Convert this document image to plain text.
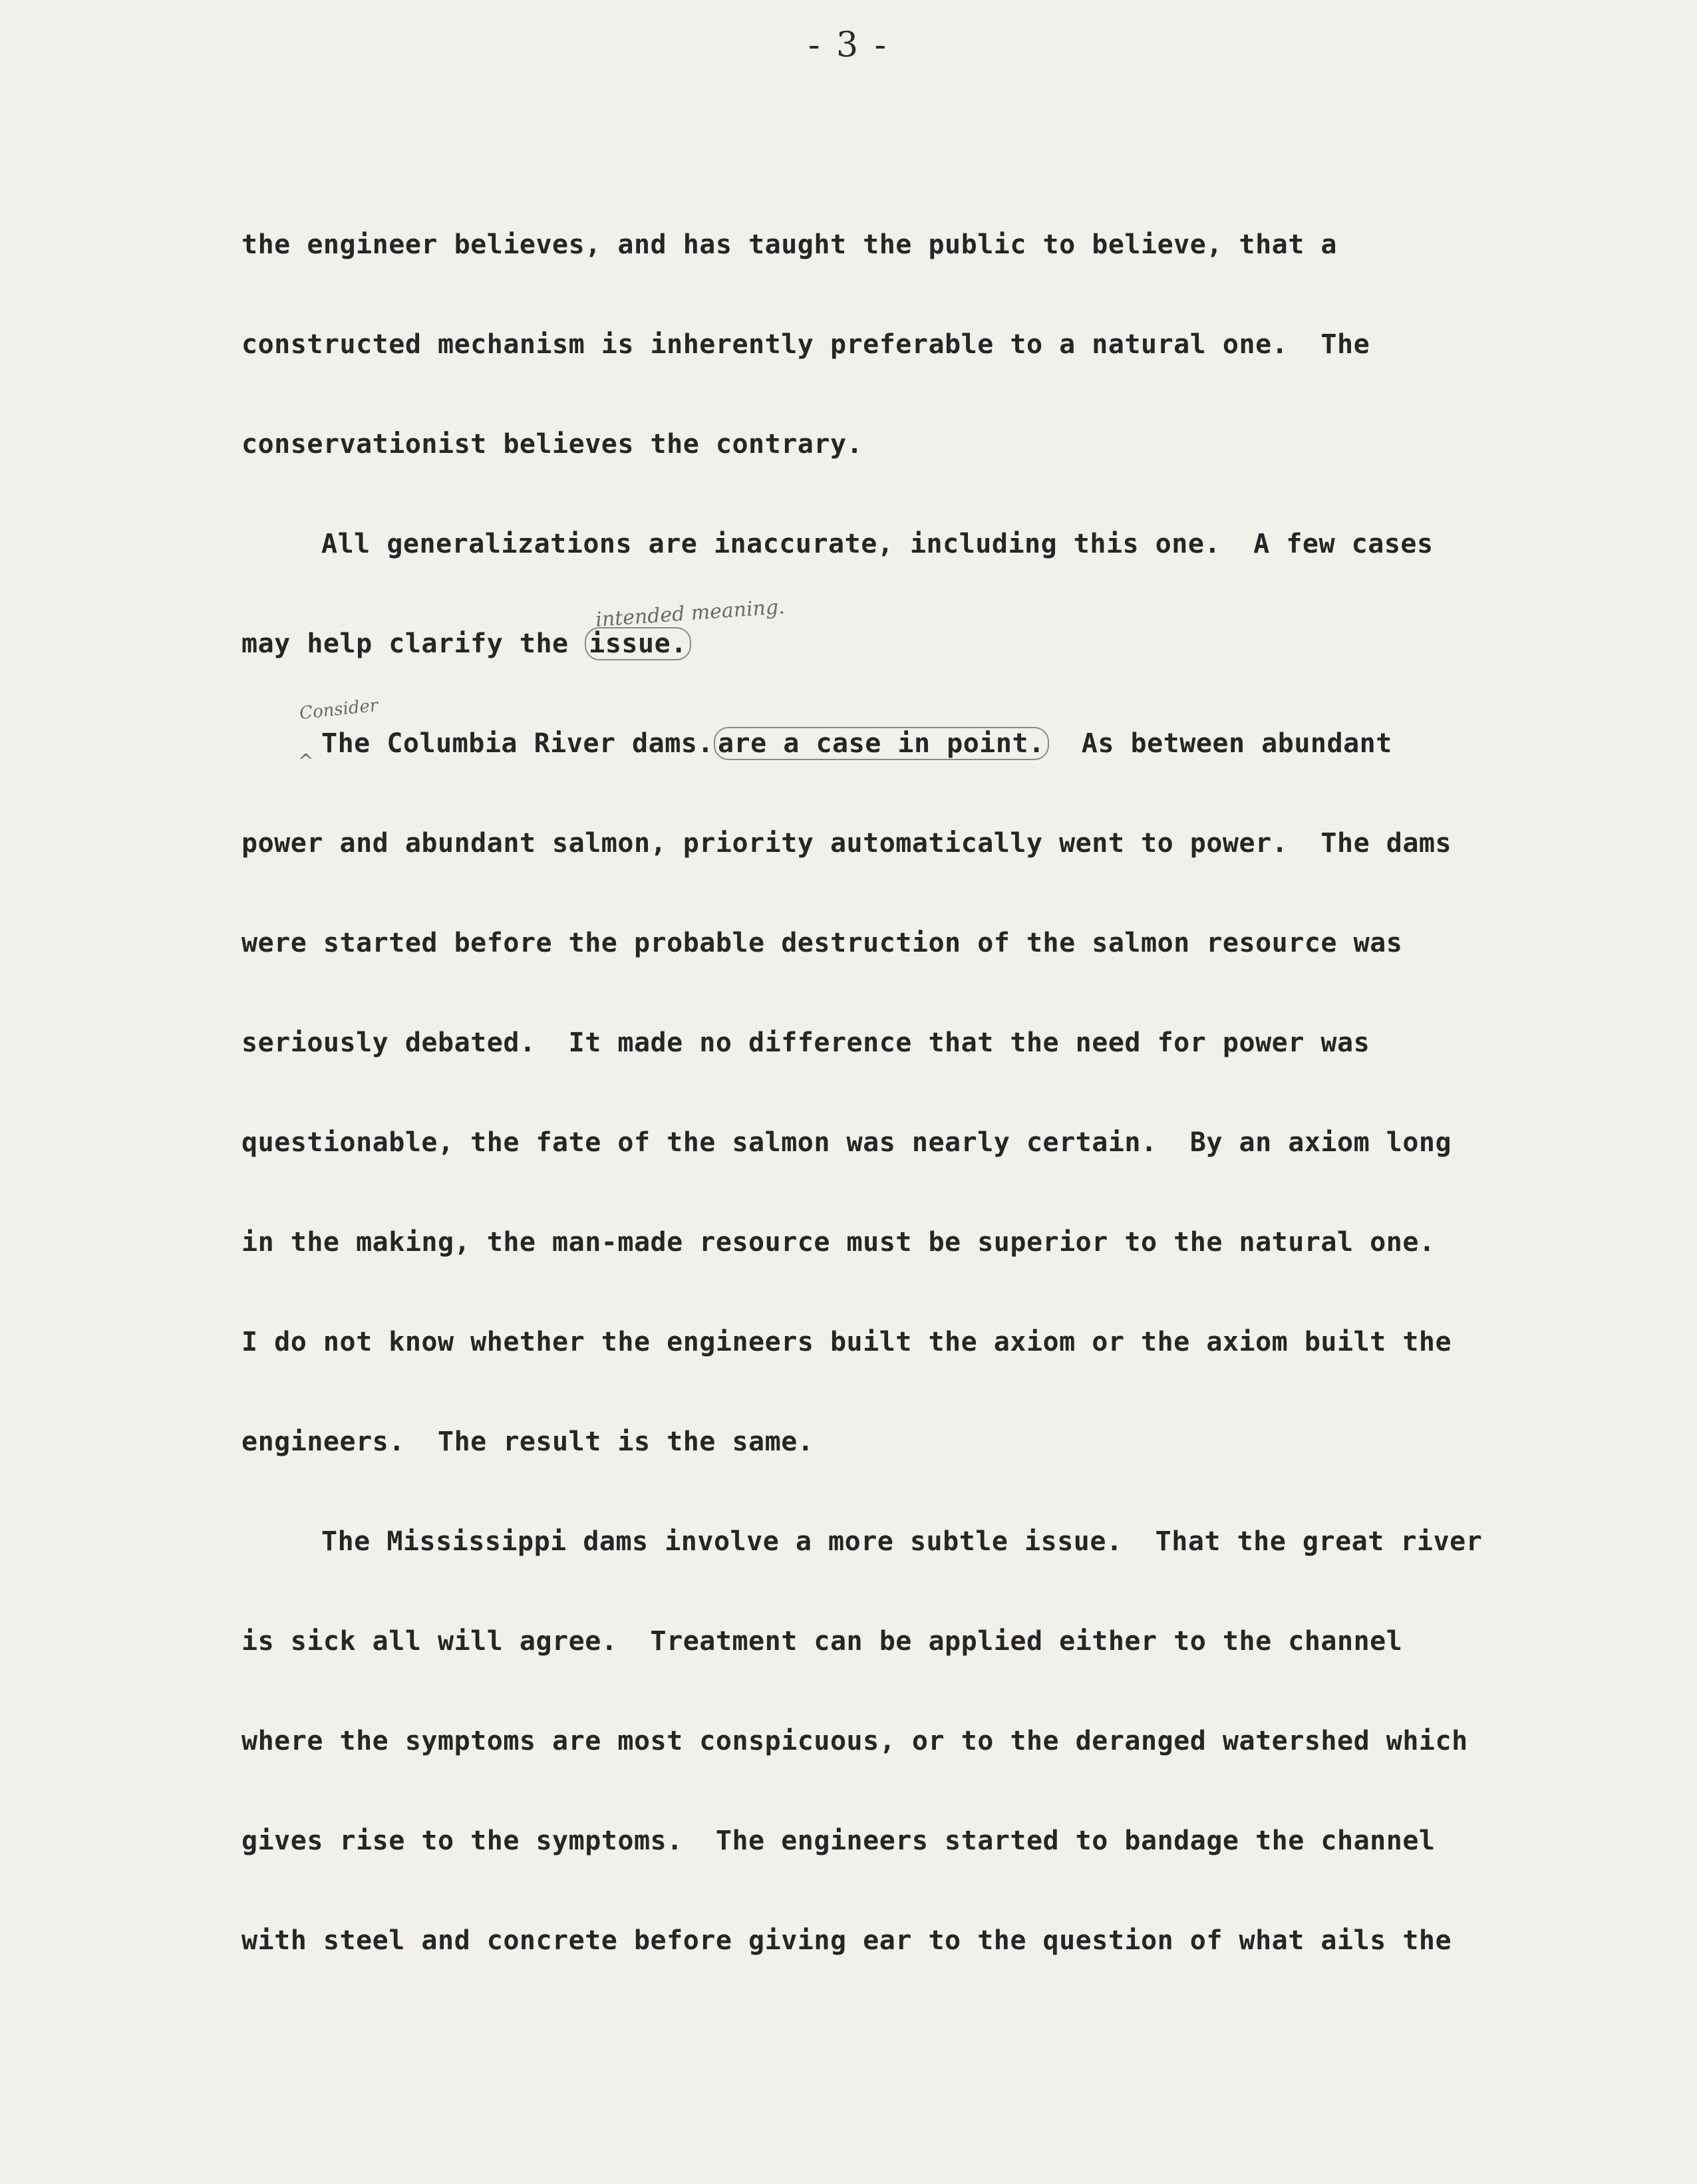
- 3 -
the engineer believes, and has taught the public to believe, that a
constructed mechanism is inherently preferable to a natural one.  The
conservationist believes the contrary.
All generalizations are inaccurate, including this one.  A few cases
may help clarify the issue.
intended meaning.
Consider
^
The Columbia River dams. are a case in point.  As between abundant
power and abundant salmon, priority automatically went to power.  The dams
were started before the probable destruction of the salmon resource was
seriously debated.  It made no difference that the need for power was
questionable, the fate of the salmon was nearly certain.  By an axiom long
in the making, the man-made resource must be superior to the natural one.
I do not know whether the engineers built the axiom or the axiom built the
engineers.  The result is the same.
The Mississippi dams involve a more subtle issue.  That the great river
is sick all will agree.  Treatment can be applied either to the channel
where the symptoms are most conspicuous, or to the deranged watershed which
gives rise to the symptoms.  The engineers started to bandage the channel
with steel and concrete before giving ear to the question of what ails the
